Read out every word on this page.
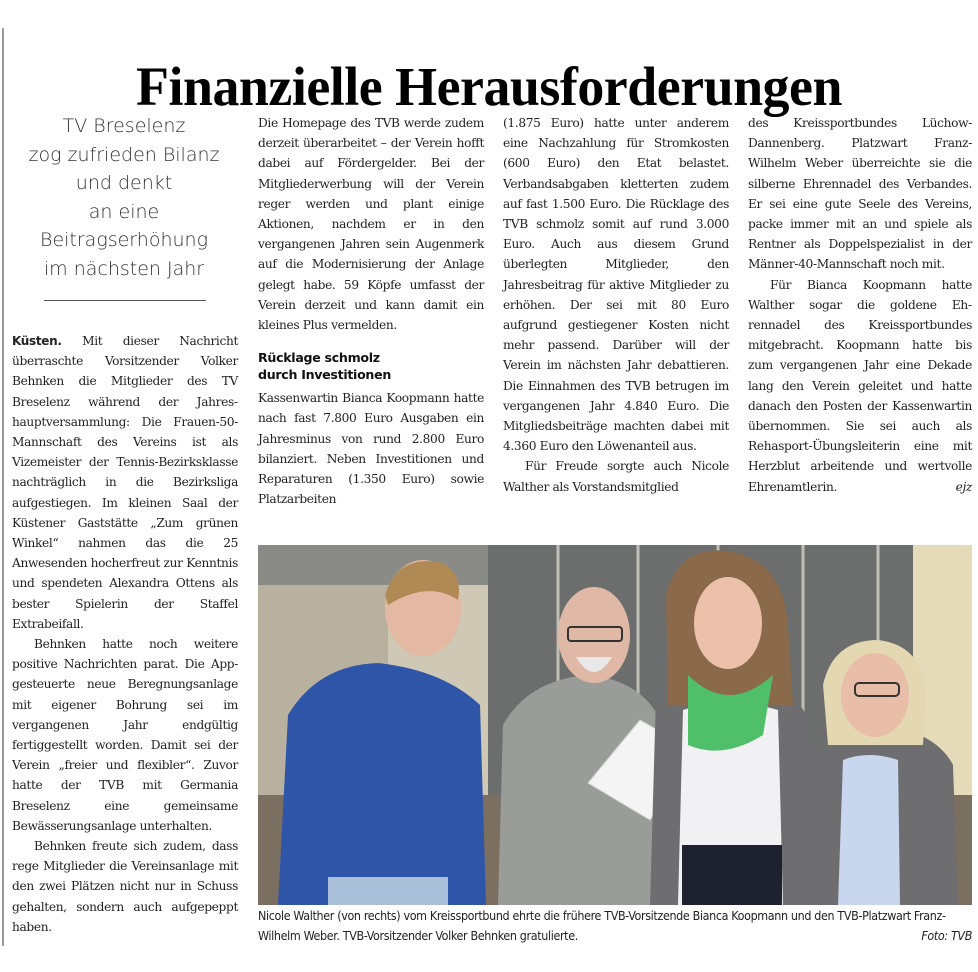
Finanzielle Herausforderungen
TV Breselenz
zog zufrieden Bilanz
und denkt
an eine
Beitragserhöhung
im nächsten Jahr

Küsten. Mit dieser Nachricht überraschte Vorsitzender Volker Behnken die Mitglieder des TV Breselenz während der Jahreshauptversammlung: Die Frauen-50-Mannschaft des Vereins ist als Vizemeister der Tennis-Bezirksklasse nachträglich in die Bezirksliga aufgestiegen. Im kleinen Saal der Küstener Gaststätte „Zum grünen Winkel“ nahmen das die 25 Anwesenden hocherfreut zur Kenntnis und spendeten Alexandra Ottens als bester Spielerin der Staffel Extrabeifall.

Behnken hatte noch weitere positive Nachrichten parat. Die App-gesteuerte neue Beregnungsanlage mit eigener Bohrung sei im vergangenen Jahr endgültig fertiggestellt worden. Damit sei der Verein „freier und flexibler“. Zuvor hatte der TVB mit Germania Breselenz eine gemeinsame Bewässerungsanlage unterhalten.

Behnken freute sich zudem, dass rege Mitglieder die Vereinsanlage mit den zwei Plätzen nicht nur in Schuss gehalten, sondern auch aufgepeppt haben.

Die Homepage des TVB werde zudem derzeit überarbeitet – der Verein hofft dabei auf Fördergelder. Bei der Mitgliederwerbung will der Verein reger werden und plant einige Aktionen, nachdem er in den vergangenen Jahren sein Augenmerk auf die Modernisierung der Anlage gelegt habe. 59 Köpfe umfasst der Verein derzeit und kann damit ein kleines Plus vermelden.

Rücklage schmolz
durch Investitionen

Kassenwartin Bianca Koopmann hatte nach fast 7.800 Euro Ausgaben ein Jahresminus von rund 2.800 Euro bilanziert. Neben Investitionen und Reparaturen (1.350 Euro) sowie Platzarbeiten

(1.875 Euro) hatte unter anderem eine Nachzahlung für Stromkosten (600 Euro) den Etat belastet. Verbandsabgaben kletterten zudem auf fast 1.500 Euro. Die Rücklage des TVB schmolz somit auf rund 3.000 Euro. Auch aus diesem Grund überlegten Mitglieder, den Jahresbeitrag für aktive Mitglieder zu erhöhen. Der sei mit 80 Euro aufgrund gestiegener Kosten nicht mehr passend. Darüber will der Verein im nächsten Jahr debattieren. Die Einnahmen des TVB betrugen im vergangenen Jahr 4.840 Euro. Die Mitgliedsbeiträge machten dabei mit 4.360 Euro den Löwenanteil aus.

Für Freude sorgte auch Nicole Walther als Vorstandsmitglied

des Kreissportbundes Lüchow-Dannenberg. Platzwart Franz-Wilhelm Weber überreichte sie die silberne Ehrennadel des Verbandes. Er sei eine gute Seele des Vereins, packe immer mit an und spiele als Rentner als Doppelspezialist in der Männer-40-Mannschaft noch mit.

Für Bianca Koopmann hatte Walther sogar die goldene Ehrennadel des Kreissportbundes mitgebracht. Koopmann hatte bis zum vergangenen Jahr eine Dekade lang den Verein geleitet und hatte danach den Posten der Kassenwartin übernommen. Sie sei auch als Rehasport-Übungsleiterin eine mit Herzblut arbeitende und wertvolle Ehrenamtlerin.	ejz

Nicole Walther (von rechts) vom Kreissportbund ehrte die frühere TVB-Vorsitzende Bianca Koopmann und den TVB-Platzwart Franz-Wilhelm Weber. TVB-Vorsitzender Volker Behnken gratulierte.	Foto: TVB
